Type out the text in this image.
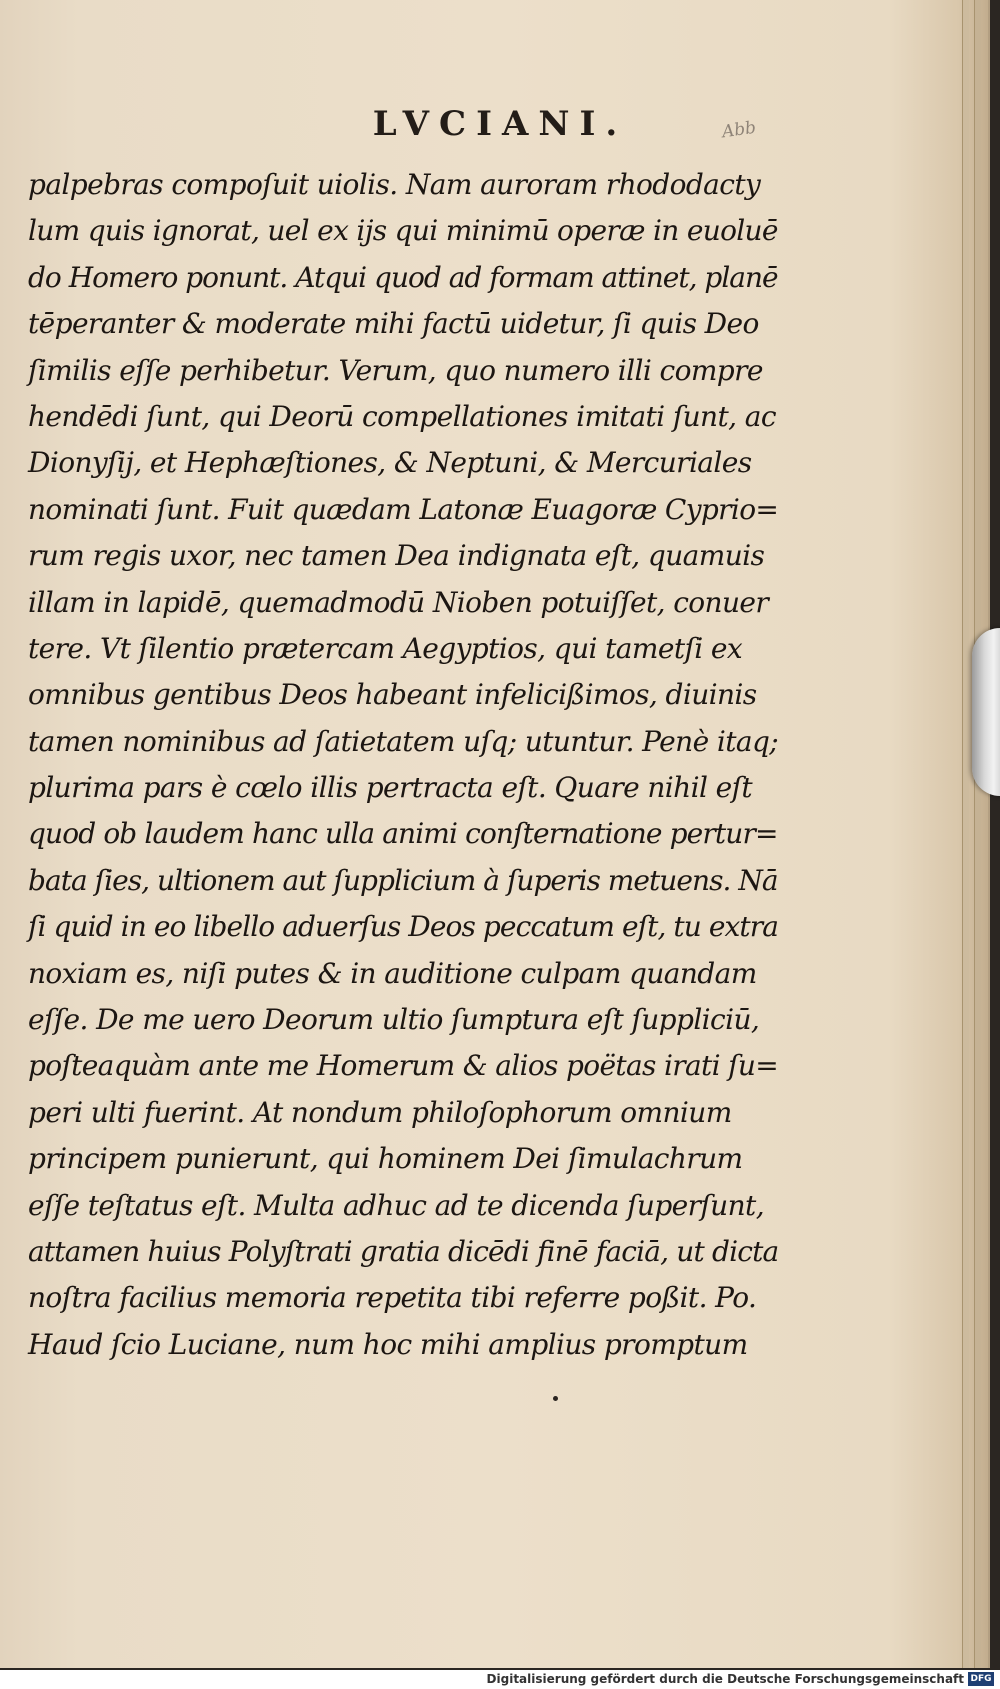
LVCIANI.	Abb
palpebras compoſuit uiolis. Nam auroram rhododacty
lum quis ignorat, uel ex ijs qui minimū operæ in euoluē
do Homero ponunt. Atqui quod ad formam attinet, planē
tēperanter & moderate mihi factū uidetur, ſi quis Deo
ſimilis eſſe perhibetur. Verum, quo numero illi compre
hendēdi ſunt, qui Deorū compellationes imitati ſunt, ac
Dionyſij, et Hephæſtiones, & Neptuni, & Mercuriales
nominati ſunt. Fuit quædam Latonæ Euagoræ Cyprio=
rum regis uxor, nec tamen Dea indignata eſt, quamuis
illam in lapidē, quemadmodū Nioben potuiſſet, conuer
tere. Vt ſilentio prætercam Aegyptios, qui tametſi ex
omnibus gentibus Deos habeant infelicißimos, diuinis
tamen nominibus ad ſatietatem uſq; utuntur. Penè itaq;
plurima pars è cœlo illis pertracta eſt. Quare nihil eſt
quod ob laudem hanc ulla animi conſternatione pertur=
bata ſies, ultionem aut ſupplicium à ſuperis metuens. Nā
ſi quid in eo libello aduerſus Deos peccatum eſt, tu extra
noxiam es, niſi putes & in auditione culpam quandam
eſſe. De me uero Deorum ultio ſumptura eſt ſuppliciū,
poſteaquàm ante me Homerum & alios poëtas irati ſu=
peri ulti fuerint. At nondum philoſophorum omnium
principem punierunt, qui hominem Dei ſimulachrum
eſſe teſtatus eſt. Multa adhuc ad te dicenda ſuperſunt,
attamen huius Polyſtrati gratia dicēdi finē faciā, ut dicta
noſtra facilius memoria repetita tibi referre poßit. Po.
Haud ſcio Luciane, num hoc mihi amplius promptum
Digitalisierung gefördert durch die Deutsche Forschungsgemeinschaft DFG
